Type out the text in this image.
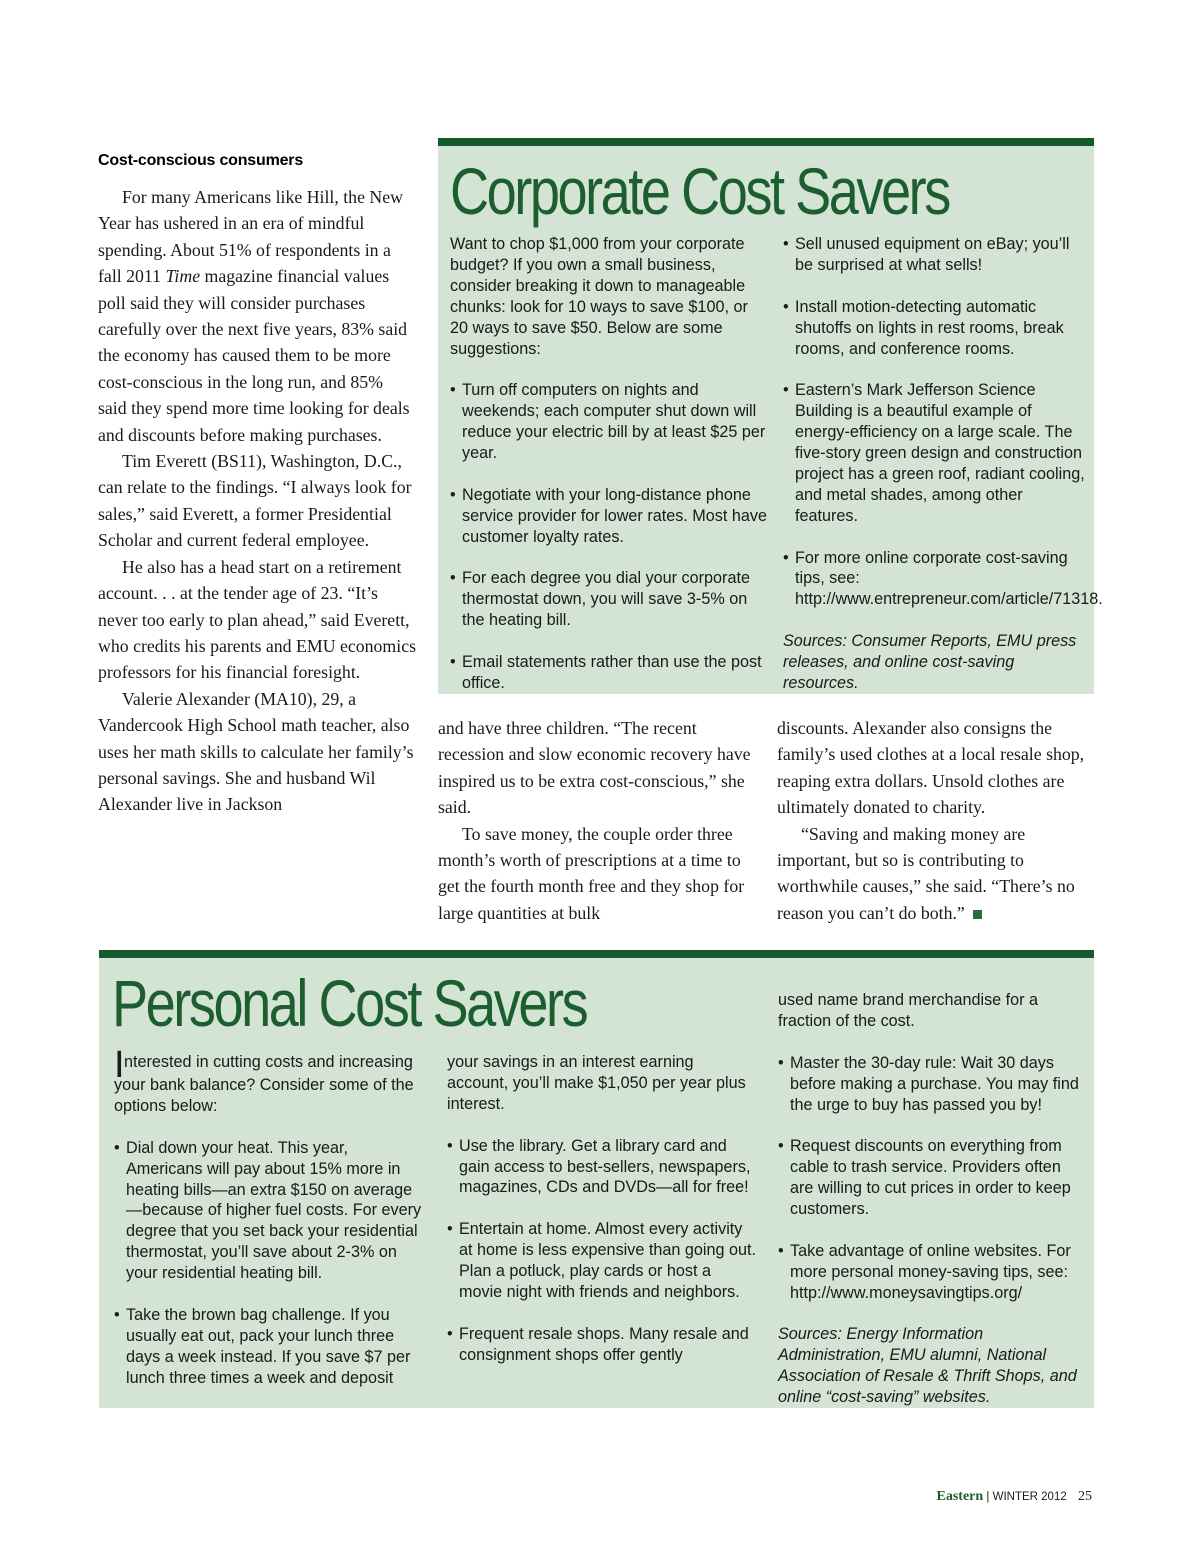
Cost-conscious consumers

For many Americans like Hill, the New Year has ushered in an era of mindful spending. About 51% of respondents in a fall 2011 Time magazine financial values poll said they will consider purchases carefully over the next five years, 83% said the economy has caused them to be more cost-conscious in the long run, and 85% said they spend more time looking for deals and discounts before making purchases.

Tim Everett (BS11), Washington, D.C., can relate to the findings. “I always look for sales,” said Everett, a former Presidential Scholar and current federal employee.

He also has a head start on a retirement account. . . at the tender age of 23. “It’s never too early to plan ahead,” said Everett, who credits his parents and EMU economics professors for his financial foresight.

Valerie Alexander (MA10), 29, a Vandercook High School math teacher, also uses her math skills to calculate her family’s personal savings. She and husband Wil Alexander live in Jackson

and have three children. “The recent recession and slow economic recovery have inspired us to be extra cost-conscious,” she said.

To save money, the couple order three month’s worth of prescriptions at a time to get the fourth month free and they shop for large quantities at bulk

discounts. Alexander also consigns the family’s used clothes at a local resale shop, reaping extra dollars. Unsold clothes are ultimately donated to charity.

“Saving and making money are important, but so is contributing to worthwhile causes,” she said. “There’s no reason you can’t do both.”

Corporate Cost Savers

Want to chop $1,000 from your corporate budget? If you own a small business, consider breaking it down to manageable chunks: look for 10 ways to save $100, or 20 ways to save $50. Below are some suggestions:

• Turn off computers on nights and weekends; each computer shut down will reduce your electric bill by at least $25 per year.
• Negotiate with your long-distance phone service provider for lower rates. Most have customer loyalty rates.
• For each degree you dial your corporate thermostat down, you will save 3-5% on the heating bill.
• Email statements rather than use the post office.
• Sell unused equipment on eBay; you’ll be surprised at what sells!
• Install motion-detecting automatic shutoffs on lights in rest rooms, break rooms, and conference rooms.
• Eastern’s Mark Jefferson Science Building is a beautiful example of energy-efficiency on a large scale. The five-story green design and construction project has a green roof, radiant cooling, and metal shades, among other features.
• For more online corporate cost-saving tips, see: http://www.entrepreneur.com/article/71318.

Sources: Consumer Reports, EMU press releases, and online cost-saving resources.

Personal Cost Savers

Interested in cutting costs and increasing your bank balance? Consider some of the options below:

• Dial down your heat. This year, Americans will pay about 15% more in heating bills—an extra $150 on average—because of higher fuel costs. For every degree that you set back your residential thermostat, you’ll save about 2-3% on your residential heating bill.
• Take the brown bag challenge. If you usually eat out, pack your lunch three days a week instead. If you save $7 per lunch three times a week and deposit

your savings in an interest earning account, you’ll make $1,050 per year plus interest.

• Use the library. Get a library card and gain access to best-sellers, newspapers, magazines, CDs and DVDs—all for free!
• Entertain at home. Almost every activity at home is less expensive than going out. Plan a potluck, play cards or host a movie night with friends and neighbors.
• Frequent resale shops. Many resale and consignment shops offer gently

used name brand merchandise for a fraction of the cost.

• Master the 30-day rule: Wait 30 days before making a purchase. You may find the urge to buy has passed you by!
• Request discounts on everything from cable to trash service. Providers often are willing to cut prices in order to keep customers.
• Take advantage of online websites. For more personal money-saving tips, see: http://www.moneysavingtips.org/

Sources: Energy Information Administration, EMU alumni, National Association of Resale & Thrift Shops, and online “cost-saving” websites.

Eastern | WINTER 2012 25
